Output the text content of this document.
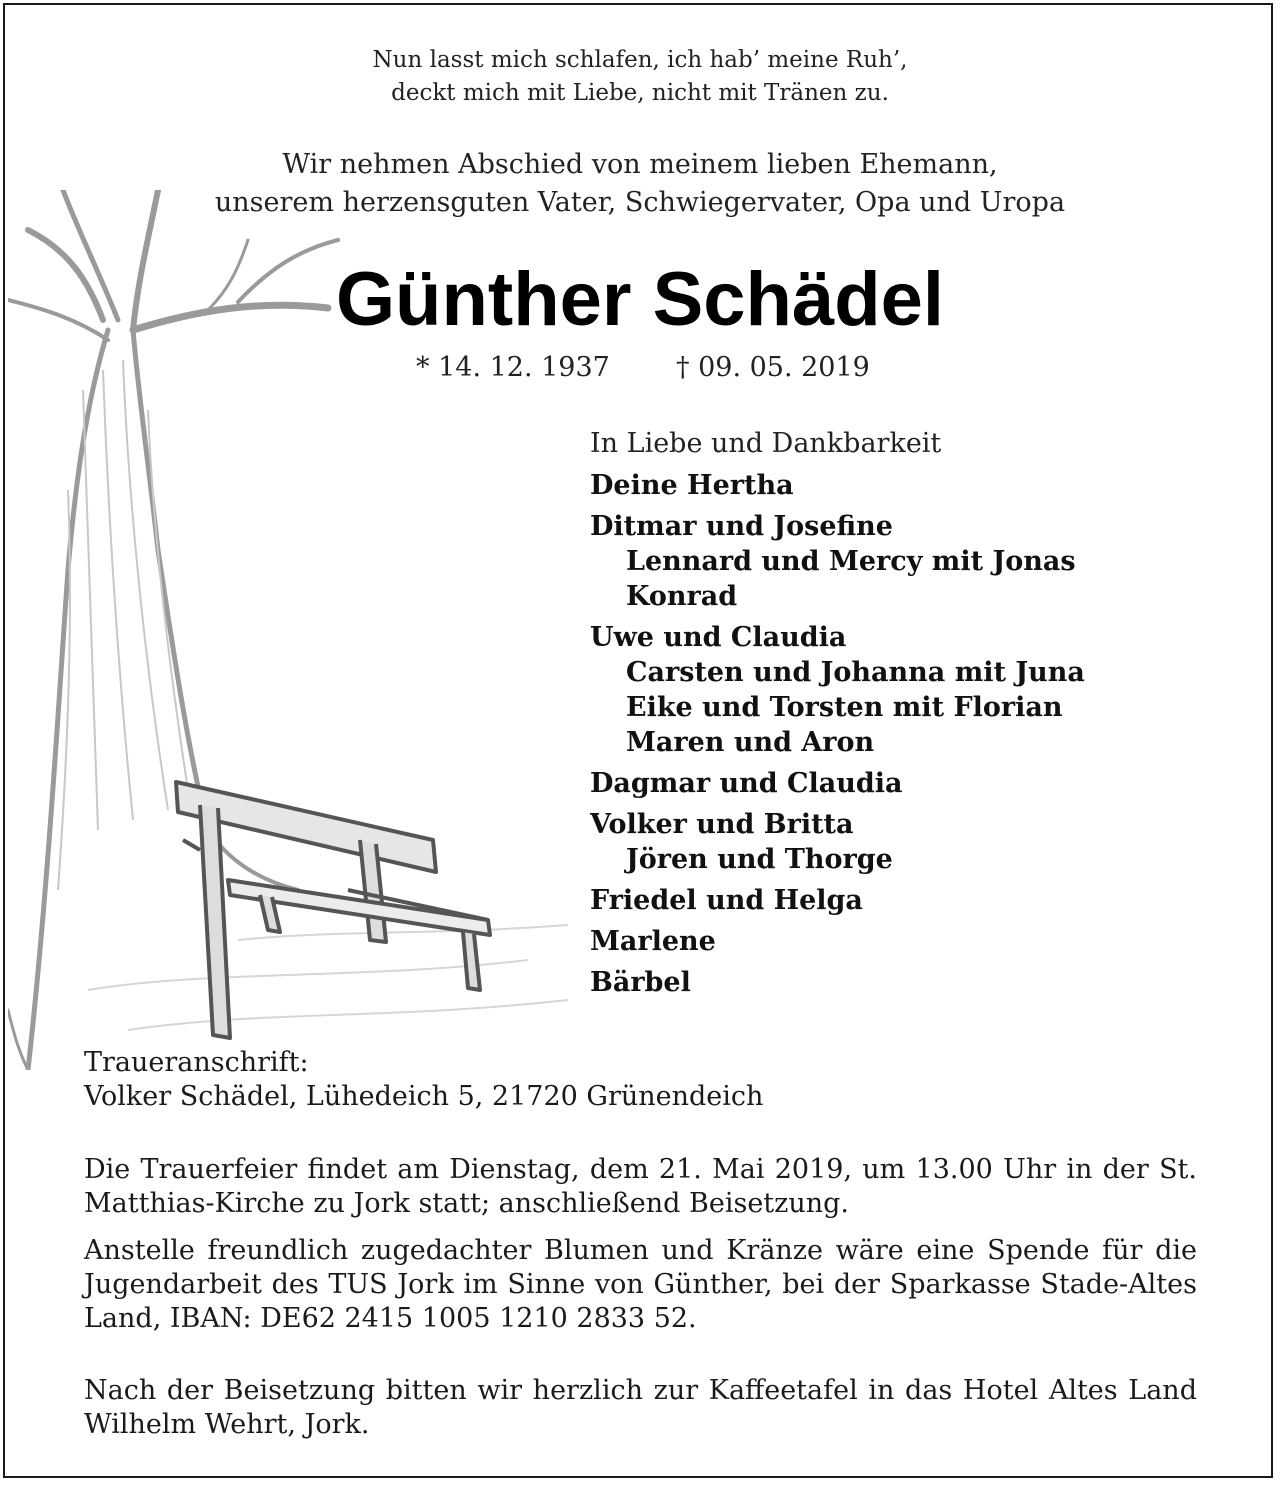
Nun lasst mich schlafen, ich hab’ meine Ruh’,
deckt mich mit Liebe, nicht mit Tränen zu.
Wir nehmen Abschied von meinem lieben Ehemann,
unserem herzensguten Vater, Schwiegervater, Opa und Uropa
Günther Schädel
* 14. 12. 1937 † 09. 05. 2019
In Liebe und Dankbarkeit
Deine Hertha
Ditmar und Josefine
Lennard und Mercy mit Jonas
Konrad
Uwe und Claudia
Carsten und Johanna mit Juna
Eike und Torsten mit Florian
Maren und Aron
Dagmar und Claudia
Volker und Britta
Jören und Thorge
Friedel und Helga
Marlene
Bärbel

Traueranschrift:

Volker Schädel, Lühedeich 5, 21720 Grünendeich

Die Trauerfeier findet am Dienstag, dem 21. Mai 2019, um 13.00 Uhr in der St. Matthias-Kirche zu Jork statt; anschließend Beisetzung.

Anstelle freundlich zugedachter Blumen und Kränze wäre eine Spende für die Jugendarbeit des TUS Jork im Sinne von Günther, bei der Sparkasse Stade-Altes Land, IBAN: DE62 2415 1005 1210 2833 52.

Nach der Beisetzung bitten wir herzlich zur Kaffeetafel in das Hotel Altes Land Wilhelm Wehrt, Jork.
